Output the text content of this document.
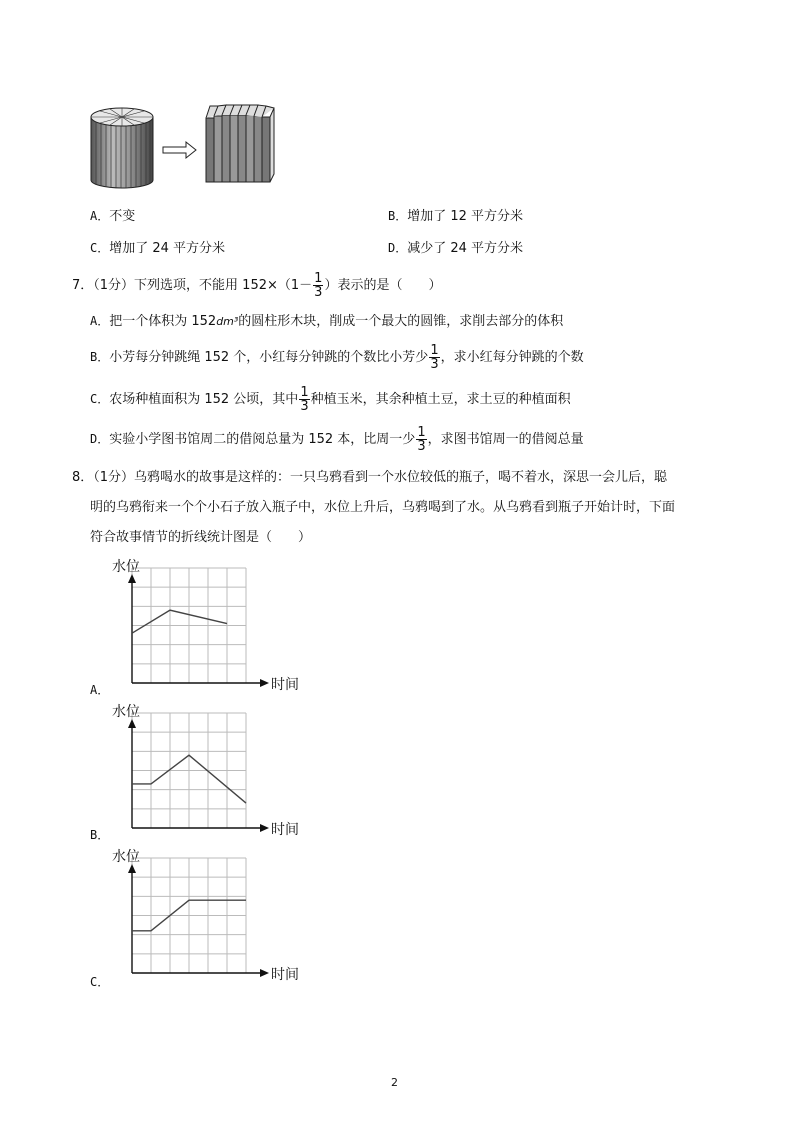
A．不变	B．增加了 12 平方分米
C．增加了 24 平方分米	D．减少了 24 平方分米
7．（1分）下列选项，不能用 $152\times(1- \frac{1}{3}$ ）表示的是（　　）
A．把一个体积为 152dm³的圆柱形木块，削成一个最大的圆锥，求削去部分的体积
B．小芳每分钟跳绳 152 个，小红每分钟跳的个数比小芳少 $\frac{1}{3}$ ，求小红每分钟跳的个数
C．农场种植面积为 152 公顷，其中 $\frac{1}{3}$ 种植玉米，其余种植土豆，求土豆的种植面积
D．实验小学图书馆周二的借阅总量为 152 本，比周一少 $\frac{1}{3}$ ，求图书馆周一的借阅总量
8．（1分）乌鸦喝水的故事是这样的：一只乌鸦看到一个水位较低的瓶子，喝不着水，深思一会儿后，聪
明的乌鸦衔来一个个小石子放入瓶子中，水位上升后，乌鸦喝到了水。从乌鸦看到瓶子开始计时，下面
符合故事情节的折线统计图是（　　）
水位
时间
A．
水位
时间
B．
水位
时间
C．
2
